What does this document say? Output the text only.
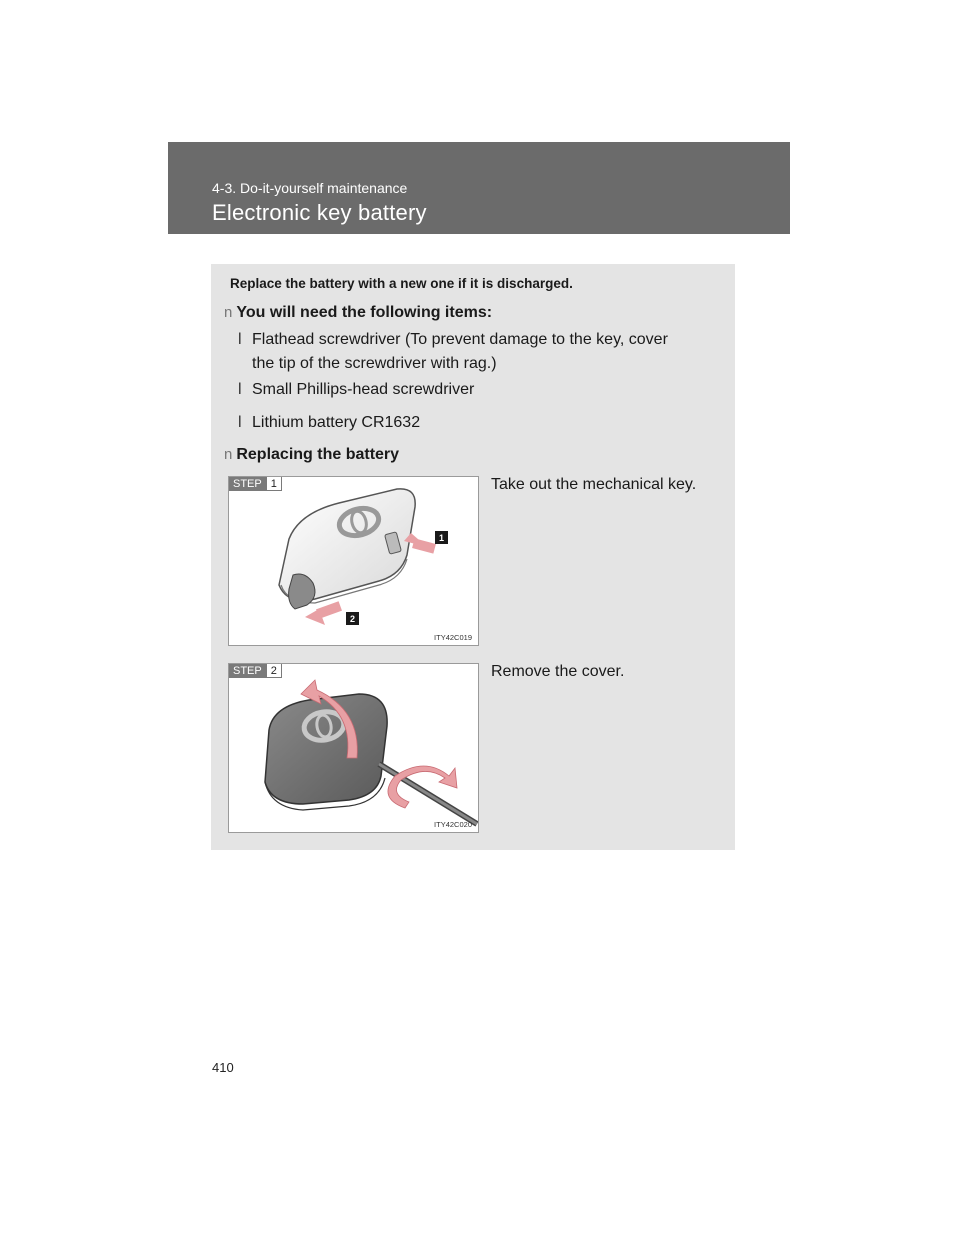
4‑3. Do‑it‑yourself maintenance
Electronic key battery
Replace the battery with a new one if it is discharged.
n You will need the following items:
l Flathead screwdriver (To prevent damage to the key, cover
the tip of the screwdriver with rag.)
l Small Phillips‑head screwdriver
l Lithium battery CR1632
n Replacing the battery
1
2
STEP 1
ITY42C019
Take out the mechanical key.
STEP 2
ITY42C020
Remove the cover.
410
